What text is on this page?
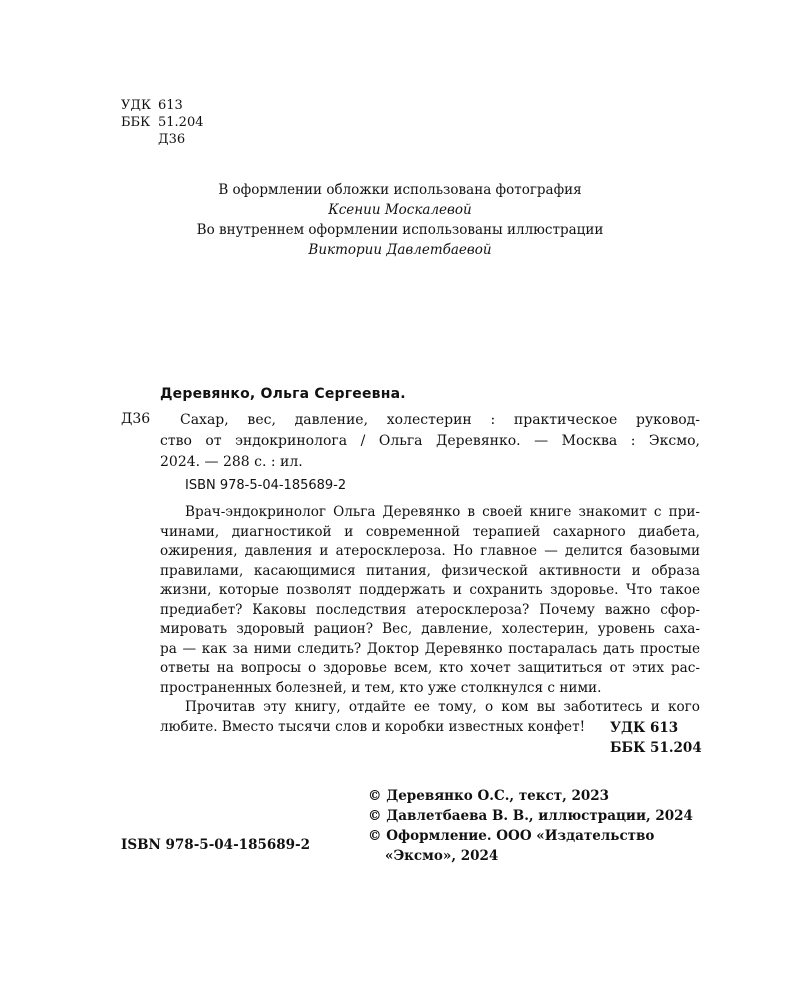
УДК 613
ББК 51.204
Д36
В оформлении обложки использована фотография
Ксении Москалевой
Во внутреннем оформлении использованы иллюстрации
Виктории Давлетбаевой
Деревянко, Ольга Сергеевна.
Д36	Сахар, вес, давление, холестерин : практическое руковод-
ство от эндокринолога / Ольга Деревянко. — Москва : Эксмо,
2024. — 288 с. : ил.
ISBN 978-5-04-185689-2
Врач-эндокринолог Ольга Деревянко в своей книге знакомит с при-
чинами, диагностикой и современной терапией сахарного диабета,
ожирения, давления и атеросклероза. Но главное — делится базовыми
правилами, касающимися питания, физической активности и образа
жизни, которые позволят поддержать и сохранить здоровье. Что такое
предиабет? Каковы последствия атеросклероза? Почему важно сфор-
мировать здоровый рацион? Вес, давление, холестерин, уровень саха-
ра — как за ними следить? Доктор Деревянко постаралась дать простые
ответы на вопросы о здоровье всем, кто хочет защититься от этих рас-
пространенных болезней, и тем, кто уже столкнулся с ними.
Прочитав эту книгу, отдайте ее тому, о ком вы заботитесь и кого
любите. Вместо тысячи слов и коробки известных конфет!	УДК 613
ББК 51.204
© Деревянко О.С., текст, 2023
© Давлетбаева В. В., иллюстрации, 2024
© Оформление. ООО «Издательство
«Эксмо», 2024
ISBN 978-5-04-185689-2
